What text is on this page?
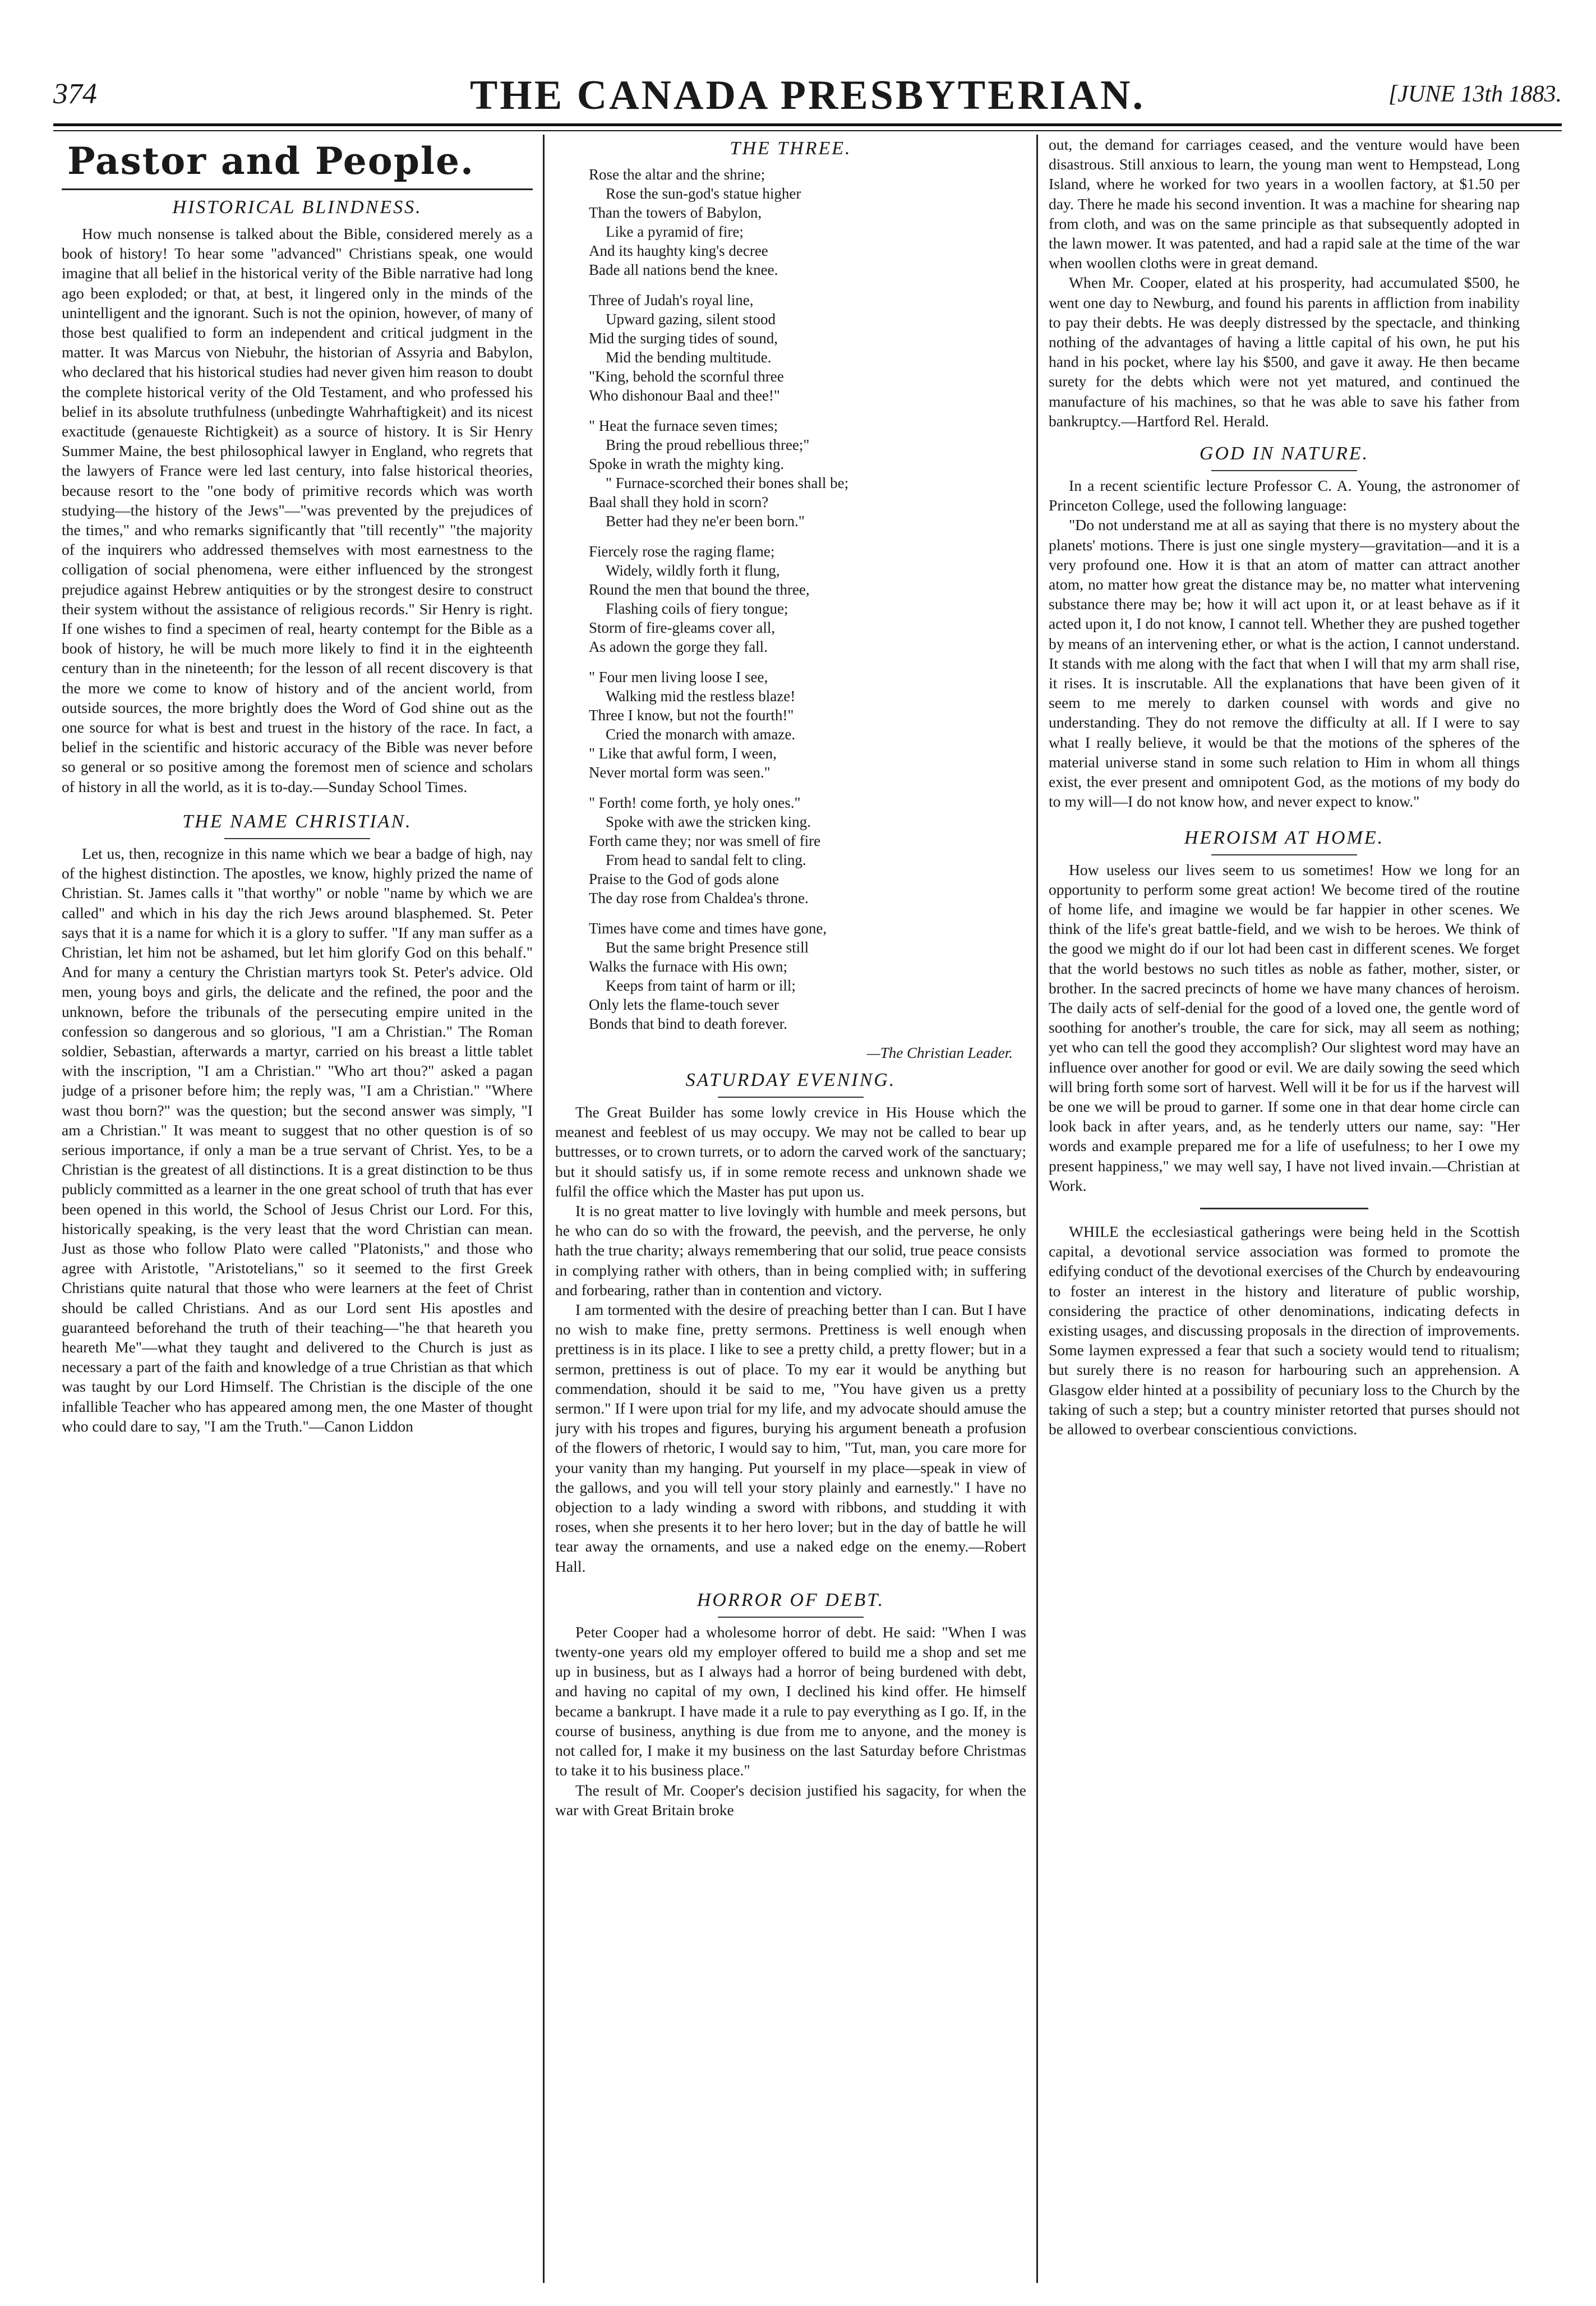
374	THE CANADA PRESBYTERIAN.	[JUNE 13th 1883.
Pastor and People.
HISTORICAL BLINDNESS.

How much nonsense is talked about the Bible, considered merely as a book of history! To hear some "advanced" Christians speak, one would imagine that all belief in the historical verity of the Bible narrative had long ago been exploded; or that, at best, it lingered only in the minds of the unintelligent and the ignorant. Such is not the opinion, however, of many of those best qualified to form an independent and critical judgment in the matter. It was Marcus von Niebuhr, the historian of Assyria and Babylon, who declared that his historical studies had never given him reason to doubt the complete historical verity of the Old Testament, and who professed his belief in its absolute truthfulness (unbedingte Wahrhaftigkeit) and its nicest exactitude (genaueste Richtigkeit) as a source of history. It is Sir Henry Summer Maine, the best philosophical lawyer in England, who regrets that the lawyers of France were led last century, into false historical theories, because resort to the "one body of primitive records which was worth studying—the history of the Jews"—"was prevented by the prejudices of the times," and who remarks significantly that "till recently" "the majority of the inquirers who addressed themselves with most earnestness to the colligation of social phenomena, were either influenced by the strongest prejudice against Hebrew antiquities or by the strongest desire to construct their system without the assistance of religious records." Sir Henry is right. If one wishes to find a specimen of real, hearty contempt for the Bible as a book of history, he will be much more likely to find it in the eighteenth century than in the nineteenth; for the lesson of all recent discovery is that the more we come to know of history and of the ancient world, from outside sources, the more brightly does the Word of God shine out as the one source for what is best and truest in the history of the race. In fact, a belief in the scientific and historic accuracy of the Bible was never before so general or so positive among the foremost men of science and scholars of history in all the world, as it is to-day.—Sunday School Times.

THE NAME CHRISTIAN.

Let us, then, recognize in this name which we bear a badge of high, nay of the highest distinction. The apostles, we know, highly prized the name of Christian. St. James calls it "that worthy" or noble "name by which we are called" and which in his day the rich Jews around blasphemed. St. Peter says that it is a name for which it is a glory to suffer. "If any man suffer as a Christian, let him not be ashamed, but let him glorify God on this behalf." And for many a century the Christian martyrs took St. Peter's advice. Old men, young boys and girls, the delicate and the refined, the poor and the unknown, before the tribunals of the persecuting empire united in the confession so dangerous and so glorious, "I am a Christian." The Roman soldier, Sebastian, afterwards a martyr, carried on his breast a little tablet with the inscription, "I am a Christian." "Who art thou?" asked a pagan judge of a prisoner before him; the reply was, "I am a Christian." "Where wast thou born?" was the question; but the second answer was simply, "I am a Christian." It was meant to suggest that no other question is of so serious importance, if only a man be a true servant of Christ. Yes, to be a Christian is the greatest of all distinctions. It is a great distinction to be thus publicly committed as a learner in the one great school of truth that has ever been opened in this world, the School of Jesus Christ our Lord. For this, historically speaking, is the very least that the word Christian can mean. Just as those who follow Plato were called "Platonists," and those who agree with Aristotle, "Aristotelians," so it seemed to the first Greek Christians quite natural that those who were learners at the feet of Christ should be called Christians. And as our Lord sent His apostles and guaranteed beforehand the truth of their teaching—"he that heareth you heareth Me"—what they taught and delivered to the Church is just as necessary a part of the faith and knowledge of a true Christian as that which was taught by our Lord Himself. The Christian is the disciple of the one infallible Teacher who has appeared among men, the one Master of thought who could dare to say, "I am the Truth."—Canon Liddon

THE THREE.
Rose the altar and the shrine;
Rose the sun-god's statue higher
Than the towers of Babylon,
Like a pyramid of fire;
And its haughty king's decree
Bade all nations bend the knee.
Three of Judah's royal line,
Upward gazing, silent stood
Mid the surging tides of sound,
Mid the bending multitude.
"King, behold the scornful three
Who dishonour Baal and thee!"
" Heat the furnace seven times;
Bring the proud rebellious three;"
Spoke in wrath the mighty king.
" Furnace-scorched their bones shall be;
Baal shall they hold in scorn?
Better had they ne'er been born."
Fiercely rose the raging flame;
Widely, wildly forth it flung,
Round the men that bound the three,
Flashing coils of fiery tongue;
Storm of fire-gleams cover all,
As adown the gorge they fall.
" Four men living loose I see,
Walking mid the restless blaze!
Three I know, but not the fourth!"
Cried the monarch with amaze.
" Like that awful form, I ween,
Never mortal form was seen."
" Forth! come forth, ye holy ones."
Spoke with awe the stricken king.
Forth came they; nor was smell of fire
From head to sandal felt to cling.
Praise to the God of gods alone
The day rose from Chaldea's throne.
Times have come and times have gone,
But the same bright Presence still
Walks the furnace with His own;
Keeps from taint of harm or ill;
Only lets the flame-touch sever
Bonds that bind to death forever.
—The Christian Leader.
SATURDAY EVENING.

The Great Builder has some lowly crevice in His House which the meanest and feeblest of us may occupy. We may not be called to bear up buttresses, or to crown turrets, or to adorn the carved work of the sanctuary; but it should satisfy us, if in some remote recess and unknown shade we fulfil the office which the Master has put upon us.

It is no great matter to live lovingly with humble and meek persons, but he who can do so with the froward, the peevish, and the perverse, he only hath the true charity; always remembering that our solid, true peace consists in complying rather with others, than in being complied with; in suffering and forbearing, rather than in contention and victory.

I am tormented with the desire of preaching better than I can. But I have no wish to make fine, pretty sermons. Prettiness is well enough when prettiness is in its place. I like to see a pretty child, a pretty flower; but in a sermon, prettiness is out of place. To my ear it would be anything but commendation, should it be said to me, "You have given us a pretty sermon." If I were upon trial for my life, and my advocate should amuse the jury with his tropes and figures, burying his argument beneath a profusion of the flowers of rhetoric, I would say to him, "Tut, man, you care more for your vanity than my hanging. Put yourself in my place—speak in view of the gallows, and you will tell your story plainly and earnestly." I have no objection to a lady winding a sword with ribbons, and studding it with roses, when she presents it to her hero lover; but in the day of battle he will tear away the ornaments, and use a naked edge on the enemy.—Robert Hall.

HORROR OF DEBT.

Peter Cooper had a wholesome horror of debt. He said: "When I was twenty-one years old my employer offered to build me a shop and set me up in business, but as I always had a horror of being burdened with debt, and having no capital of my own, I declined his kind offer. He himself became a bankrupt. I have made it a rule to pay everything as I go. If, in the course of business, anything is due from me to anyone, and the money is not called for, I make it my business on the last Saturday before Christmas to take it to his business place."

The result of Mr. Cooper's decision justified his sagacity, for when the war with Great Britain broke

out, the demand for carriages ceased, and the venture would have been disastrous. Still anxious to learn, the young man went to Hempstead, Long Island, where he worked for two years in a woollen factory, at $1.50 per day. There he made his second invention. It was a machine for shearing nap from cloth, and was on the same principle as that subsequently adopted in the lawn mower. It was patented, and had a rapid sale at the time of the war when woollen cloths were in great demand.

When Mr. Cooper, elated at his prosperity, had accumulated $500, he went one day to Newburg, and found his parents in affliction from inability to pay their debts. He was deeply distressed by the spectacle, and thinking nothing of the advantages of having a little capital of his own, he put his hand in his pocket, where lay his $500, and gave it away. He then became surety for the debts which were not yet matured, and continued the manufacture of his machines, so that he was able to save his father from bankruptcy.—Hartford Rel. Herald.

GOD IN NATURE.

In a recent scientific lecture Professor C. A. Young, the astronomer of Princeton College, used the following language:

"Do not understand me at all as saying that there is no mystery about the planets' motions. There is just one single mystery—gravitation—and it is a very profound one. How it is that an atom of matter can attract another atom, no matter how great the distance may be, no matter what intervening substance there may be; how it will act upon it, or at least behave as if it acted upon it, I do not know, I cannot tell. Whether they are pushed together by means of an intervening ether, or what is the action, I cannot understand. It stands with me along with the fact that when I will that my arm shall rise, it rises. It is inscrutable. All the explanations that have been given of it seem to me merely to darken counsel with words and give no understanding. They do not remove the difficulty at all. If I were to say what I really believe, it would be that the motions of the spheres of the material universe stand in some such relation to Him in whom all things exist, the ever present and omnipotent God, as the motions of my body do to my will—I do not know how, and never expect to know."

HEROISM AT HOME.

How useless our lives seem to us sometimes! How we long for an opportunity to perform some great action! We become tired of the routine of home life, and imagine we would be far happier in other scenes. We think of the life's great battle-field, and we wish to be heroes. We think of the good we might do if our lot had been cast in different scenes. We forget that the world bestows no such titles as noble as father, mother, sister, or brother. In the sacred precincts of home we have many chances of heroism. The daily acts of self-denial for the good of a loved one, the gentle word of soothing for another's trouble, the care for sick, may all seem as nothing; yet who can tell the good they accomplish? Our slightest word may have an influence over another for good or evil. We are daily sowing the seed which will bring forth some sort of harvest. Well will it be for us if the harvest will be one we will be proud to garner. If some one in that dear home circle can look back in after years, and, as he tenderly utters our name, say: "Her words and example prepared me for a life of usefulness; to her I owe my present happiness," we may well say, I have not lived invain.—Christian at Work.

WHILE the ecclesiastical gatherings were being held in the Scottish capital, a devotional service association was formed to promote the edifying conduct of the devotional exercises of the Church by endeavouring to foster an interest in the history and literature of public worship, considering the practice of other denominations, indicating defects in existing usages, and discussing proposals in the direction of improvements. Some laymen expressed a fear that such a society would tend to ritualism; but surely there is no reason for harbouring such an apprehension. A Glasgow elder hinted at a possibility of pecuniary loss to the Church by the taking of such a step; but a country minister retorted that purses should not be allowed to overbear conscientious convictions.
